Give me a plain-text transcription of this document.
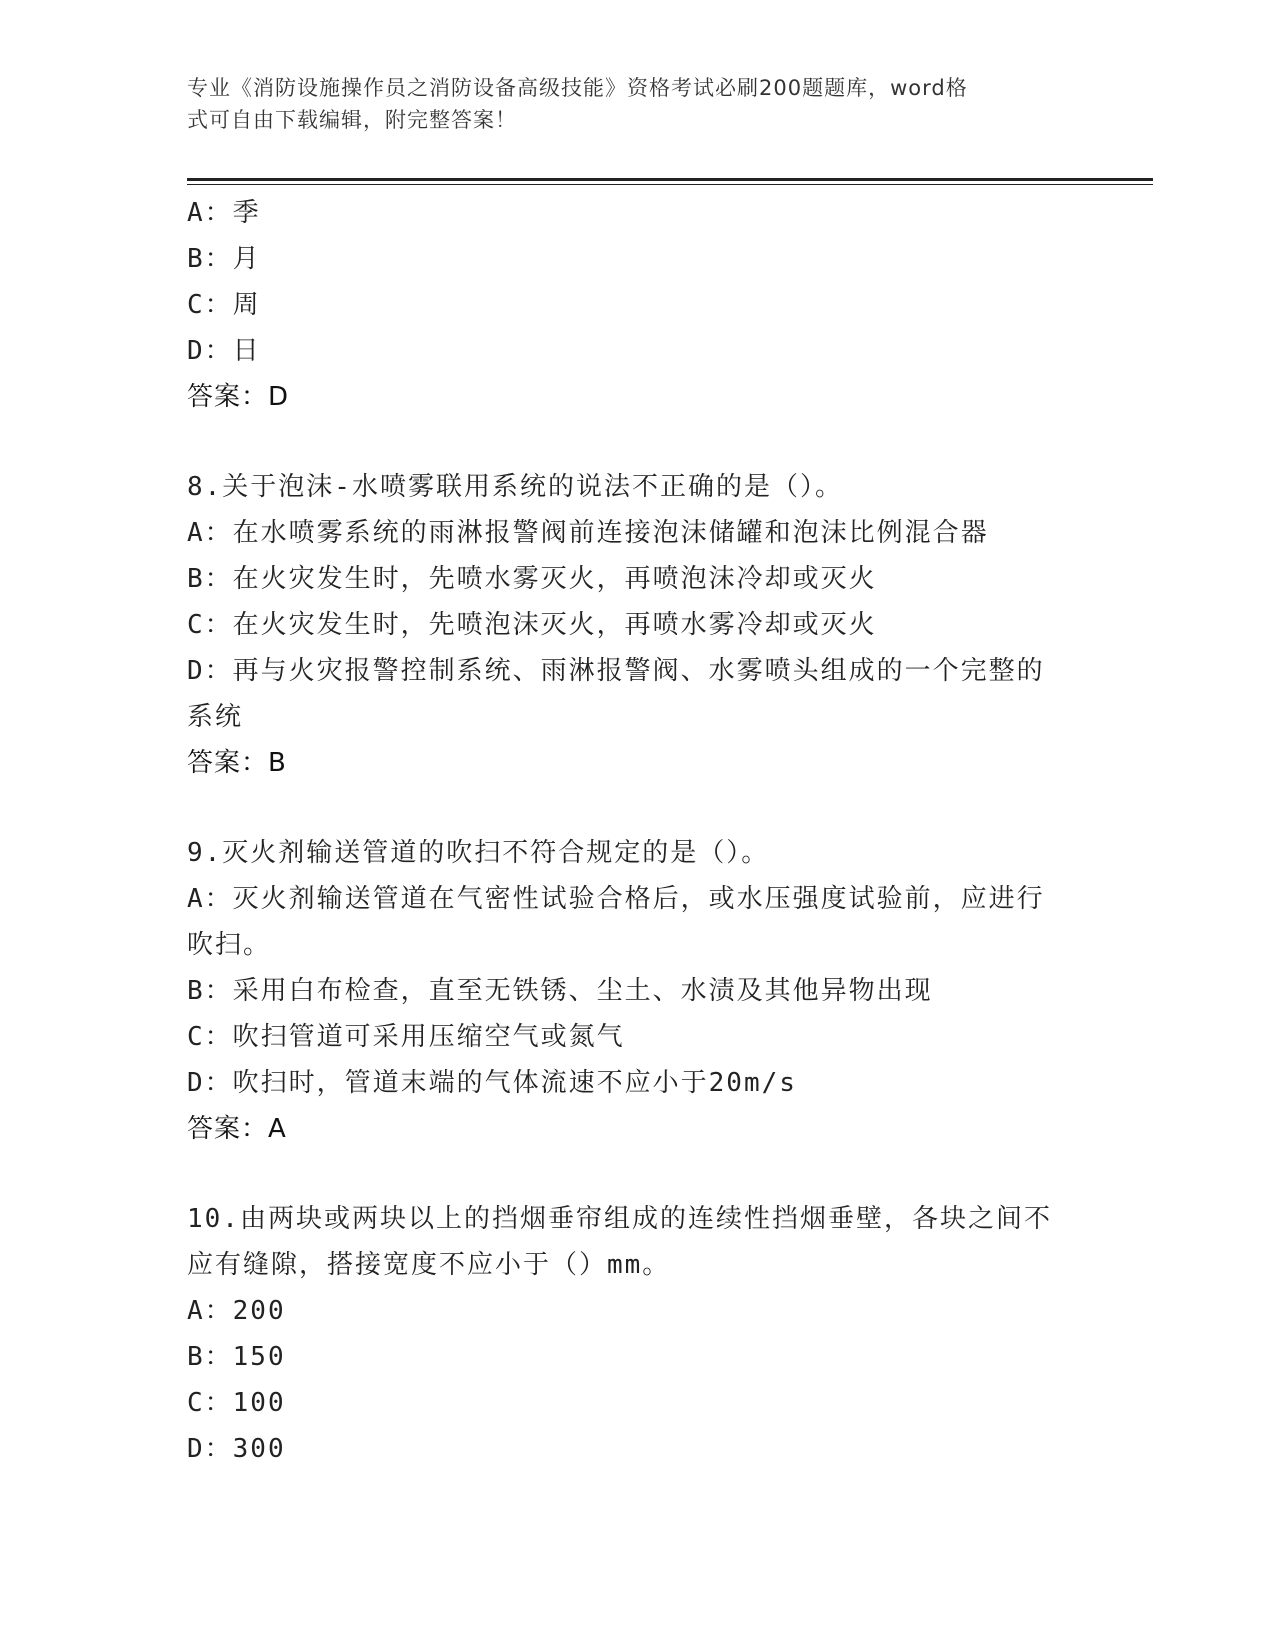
专业《消防设施操作员之消防设备高级技能》资格考试必刷200题题库，word格
式可自由下载编辑，附完整答案！
A：季
B：月
C：周
D：日
答案：D
8.关于泡沫-水喷雾联用系统的说法不正确的是（）。
A：在水喷雾系统的雨淋报警阀前连接泡沫储罐和泡沫比例混合器
B：在火灾发生时，先喷水雾灭火，再喷泡沫冷却或灭火
C：在火灾发生时，先喷泡沫灭火，再喷水雾冷却或灭火
D：再与火灾报警控制系统、雨淋报警阀、水雾喷头组成的一个完整的
系统
答案：B
9.灭火剂输送管道的吹扫不符合规定的是（）。
A：灭火剂输送管道在气密性试验合格后，或水压强度试验前，应进行
吹扫。
B：采用白布检查，直至无铁锈、尘土、水渍及其他异物出现
C：吹扫管道可采用压缩空气或氮气
D：吹扫时，管道末端的气体流速不应小于20m/s
答案：A
10.由两块或两块以上的挡烟垂帘组成的连续性挡烟垂壁，各块之间不
应有缝隙，搭接宽度不应小于（）mm。
A：200
B：150
C：100
D：300
